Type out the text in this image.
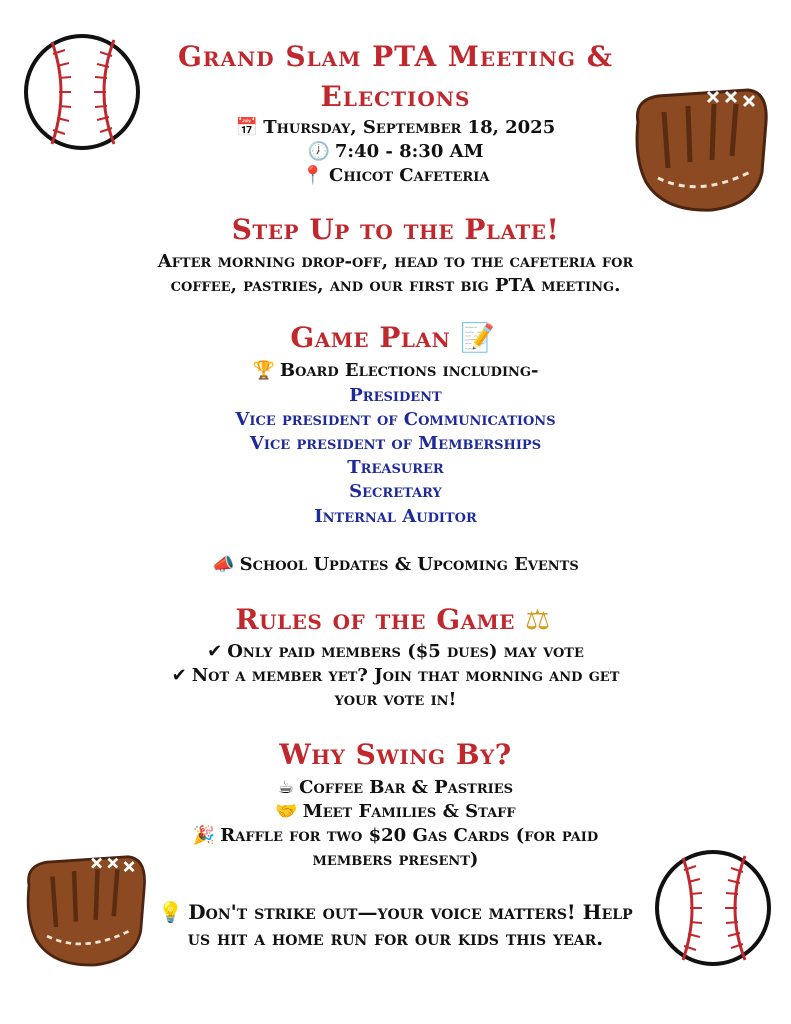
Grand Slam PTA Meeting &
Elections
📅 Thursday, September 18, 2025
🕖 7:40 - 8:30 AM
📍 Chicot Cafeteria
Step Up to the Plate!
After morning drop-off, head to the cafeteria for
coffee, pastries, and our first big PTA meeting.
Game Plan 📝
🏆 Board Elections including-
President
Vice president of Communications
Vice president of Memberships
Treasurer
Secretary
Internal Auditor
📣 School Updates & Upcoming Events
Rules of the Game ⚖
✔ Only paid members ($5 dues) may vote
✔ Not a member yet? Join that morning and get
your vote in!
Why Swing By?
☕ Coffee Bar & Pastries
🤝 Meet Families & Staff
🎉 Raffle for two $20 Gas Cards (for paid
members present)
💡 Don't strike out—your voice matters! Help
us hit a home run for our kids this year.
